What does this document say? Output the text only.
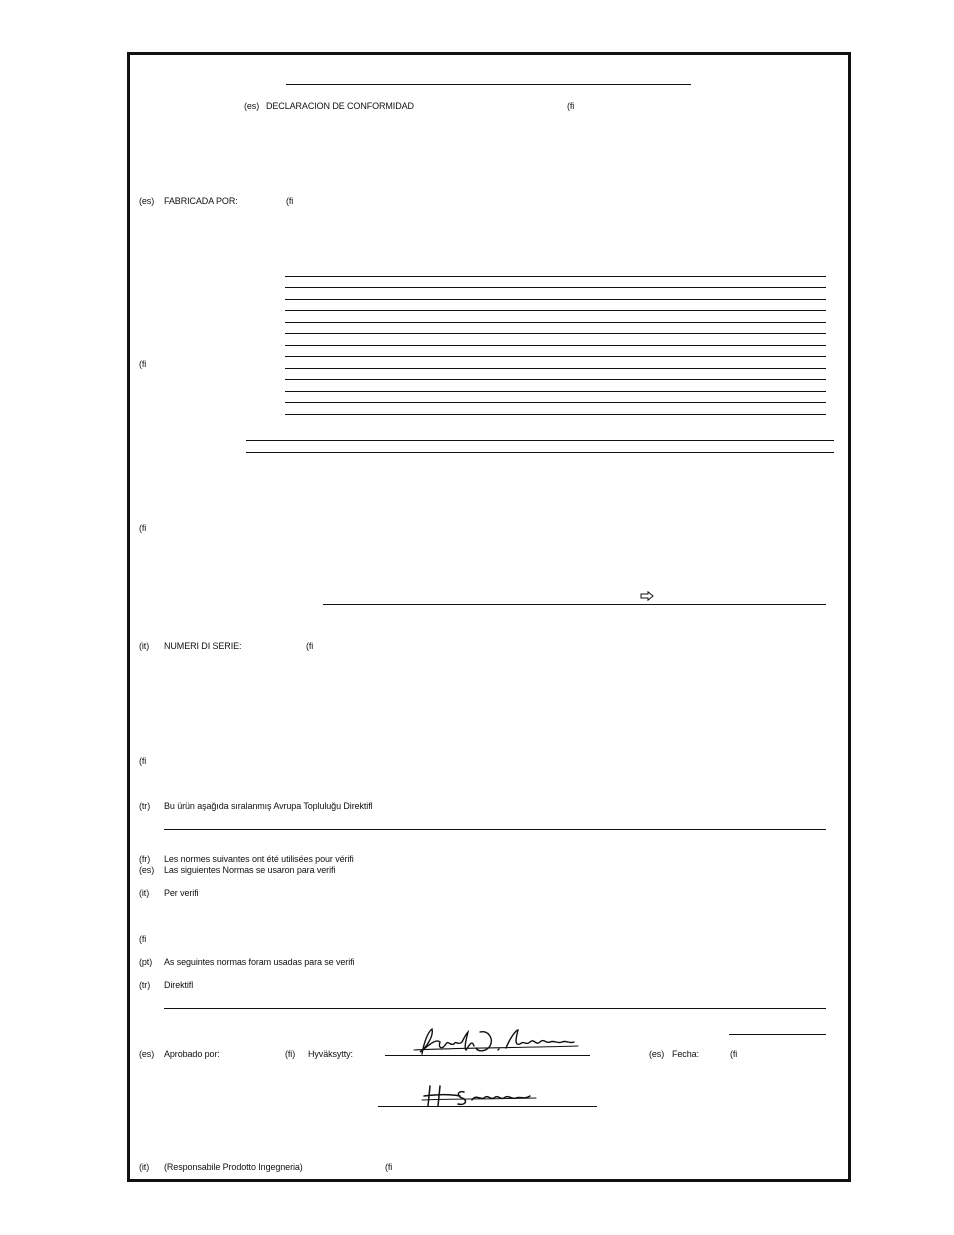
(es) DECLARACION DE CONFORMIDAD	(fi
(es) FABRICADA POR:	(fi
(fi
(fi
(it) NUMERI DI SERIE:	(fi
(fi
(tr) Bu ürün aşağıda sıralanmış Avrupa Topluluğu Direktifl
(fr) Les normes suivantes ont été utilisées pour vérifi
(es) Las siguientes Normas se usaron para verifi
(it) Per verifi
(fi
(pt) As seguintes normas foram usadas para se verifi
(tr) Direktifl
(es) Aprobado por:	(fi) Hyväksytty:	(es) Fecha:	(fi
(it) (Responsabile Prodotto Ingegneria)	(fi
